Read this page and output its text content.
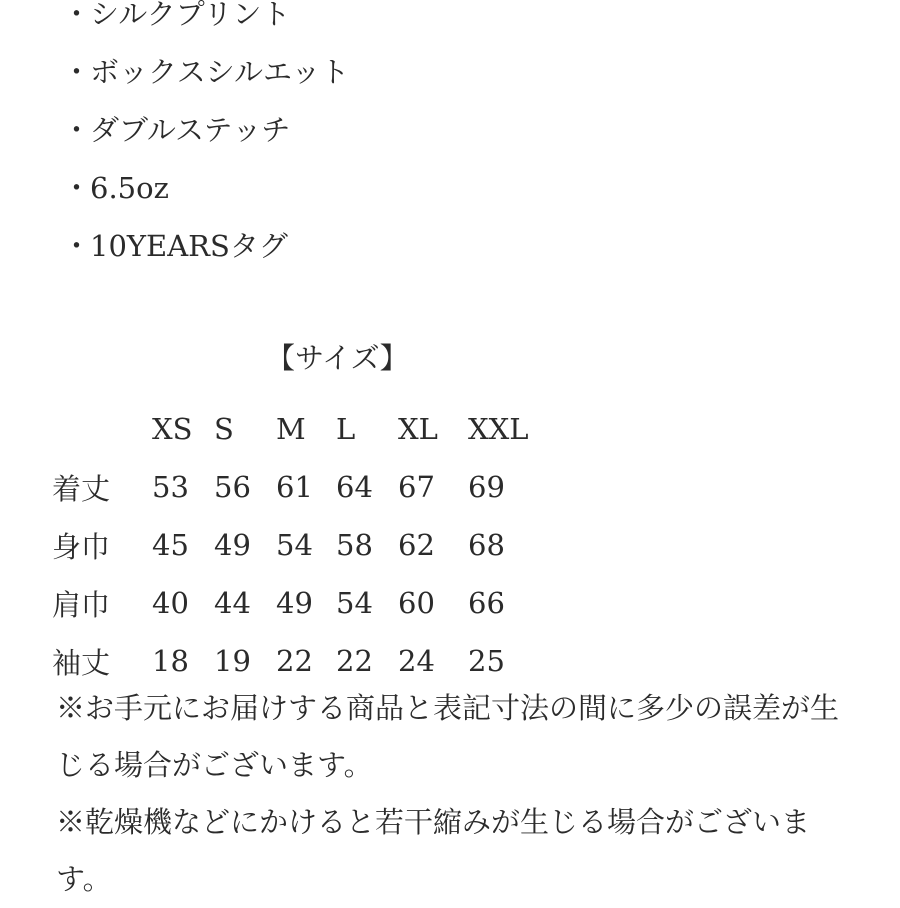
・シルクプリント
・ボックスシルエット
・ダブルステッチ
・6.5oz
・10YEARSタグ
【サイズ】
	XS	S	M	L	XL	XXL
着丈	53	56	61	64	67	69
身巾	45	49	54	58	62	68
肩巾	40	44	49	54	60	66
袖丈	18	19	22	22	24	25

※お手元にお届けする商品と表記寸法の間に多少の誤差が生じる場合がございます。

※乾燥機などにかけると若干縮みが生じる場合がございます。
